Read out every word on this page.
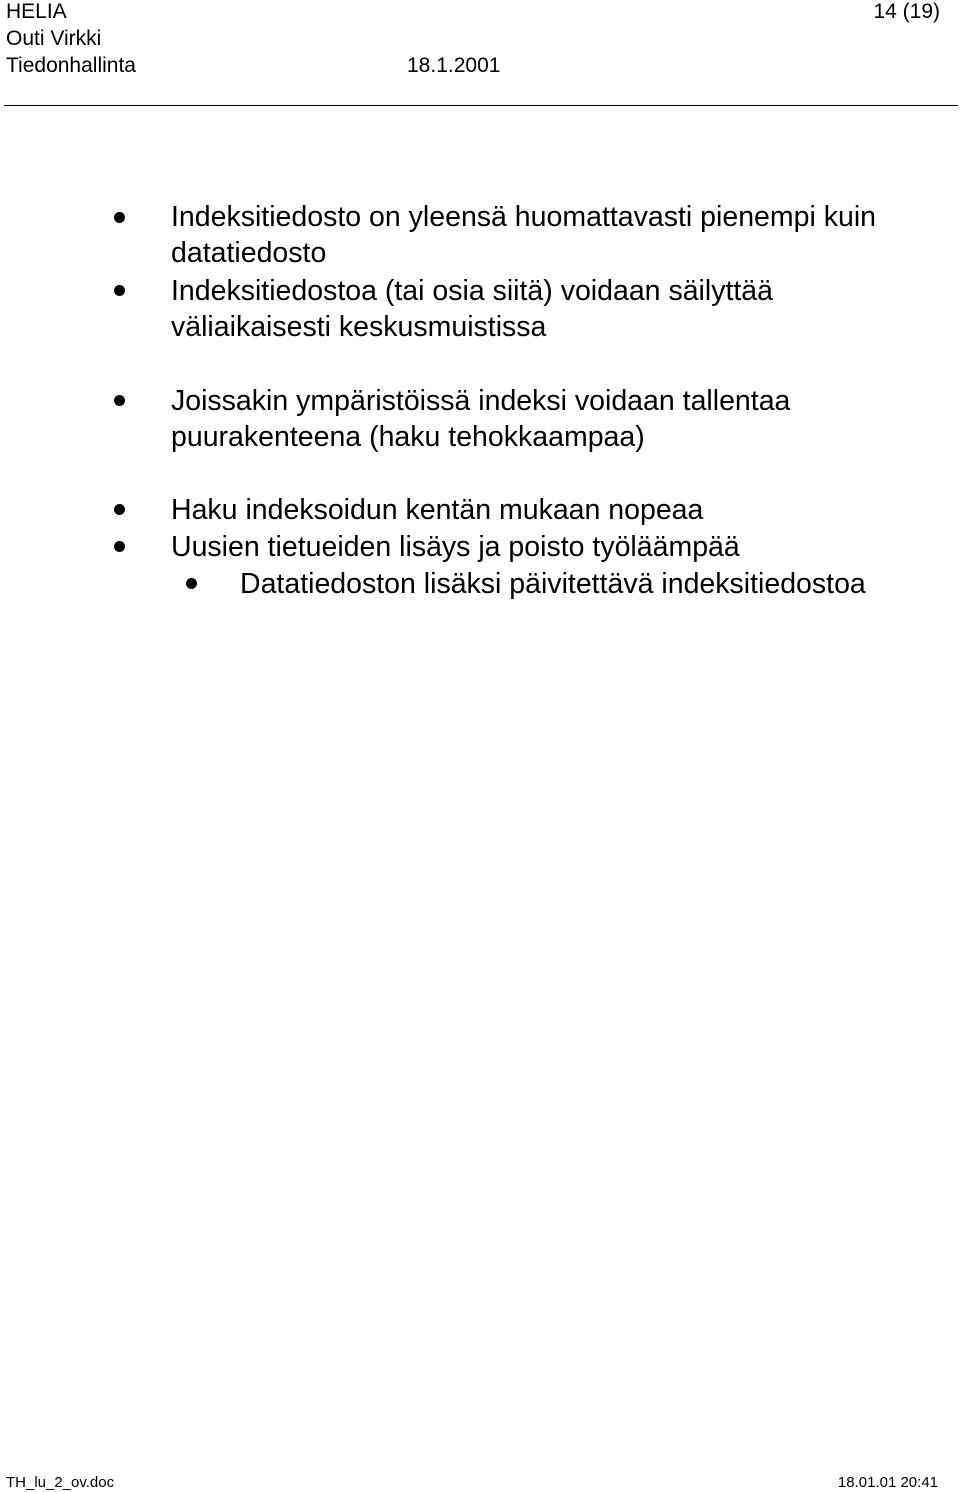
HELIA
Outi Virkki
Tiedonhallinta	18.1.2001
14 (19)
Indeksitiedosto on yleensä huomattavasti pienempi kuin
datatiedosto
Indeksitiedostoa (tai osia siitä) voidaan säilyttää
väliaikaisesti keskusmuistissa
Joissakin ympäristöissä indeksi voidaan tallentaa
puurakenteena (haku tehokkaampaa)
Haku indeksoidun kentän mukaan nopeaa
Uusien tietueiden lisäys ja poisto työläämpää
Datatiedoston lisäksi päivitettävä indeksitiedostoa
TH_lu_2_ov.doc	18.01.01 20:41
